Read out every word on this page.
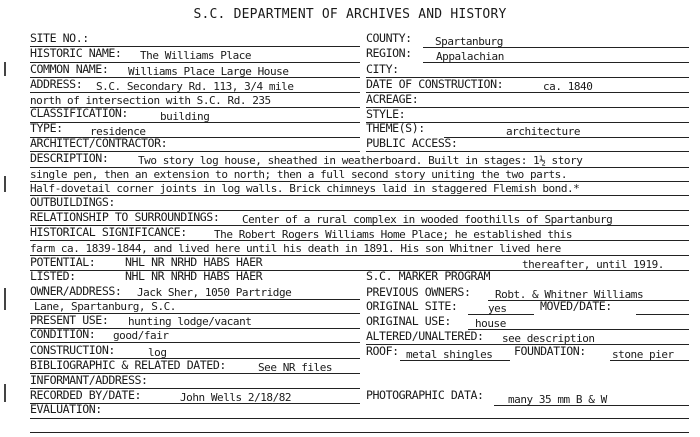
S.C. DEPARTMENT OF ARCHIVES AND HISTORY
SITE NO.:	COUNTY: Spartanburg
HISTORIC NAME: The Williams Place	REGION: Appalachian
COMMON NAME: Williams Place Large House	CITY:
ADDRESS: S.C. Secondary Rd. 113, 3/4 mile	DATE OF CONSTRUCTION:	ca. 1840
north of intersection with S.C. Rd. 235	ACREAGE:
CLASSIFICATION:	building	STYLE:
TYPE: residence	THEME(S):	architecture
ARCHITECT/CONTRACTOR:	PUBLIC ACCESS:
DESCRIPTION:	Two story log house, sheathed in weatherboard. Built in stages: 1½ story
single pen, then an extension to north; then a full second story uniting the two parts.
Half-dovetail corner joints in log walls. Brick chimneys laid in staggered Flemish bond.*
OUTBUILDINGS:
RELATIONSHIP TO SURROUNDINGS: Center of a rural complex in wooded foothills of Spartanburg
HISTORICAL SIGNIFICANCE: The Robert Rogers Williams Home Place; he established this
farm ca. 1839-1844, and lived here until his death in 1891. His son Whitner lived here
POTENTIAL:	NHL NR NRHD HABS HAER	thereafter, until 1919.
LISTED:	NHL NR NRHD HABS HAER	S.C. MARKER PROGRAM
OWNER/ADDRESS: Jack Sher, 1050 Partridge	PREVIOUS OWNERS: Robt. & Whitner Williams
Lane, Spartanburg, S.C.	ORIGINAL SITE:	yes	MOVED/DATE:
PRESENT USE: hunting lodge/vacant	ORIGINAL USE: house
CONDITION: good/fair	ALTERED/UNALTERED: see description
CONSTRUCTION:	log	ROOF: metal shingles FOUNDATION: stone pier
BIBLIOGRAPHIC & RELATED DATED:	See NR files
INFORMANT/ADDRESS:
RECORDED BY/DATE:	John Wells 2/18/82	PHOTOGRAPHIC DATA: many 35 mm B & W
EVALUATION:
